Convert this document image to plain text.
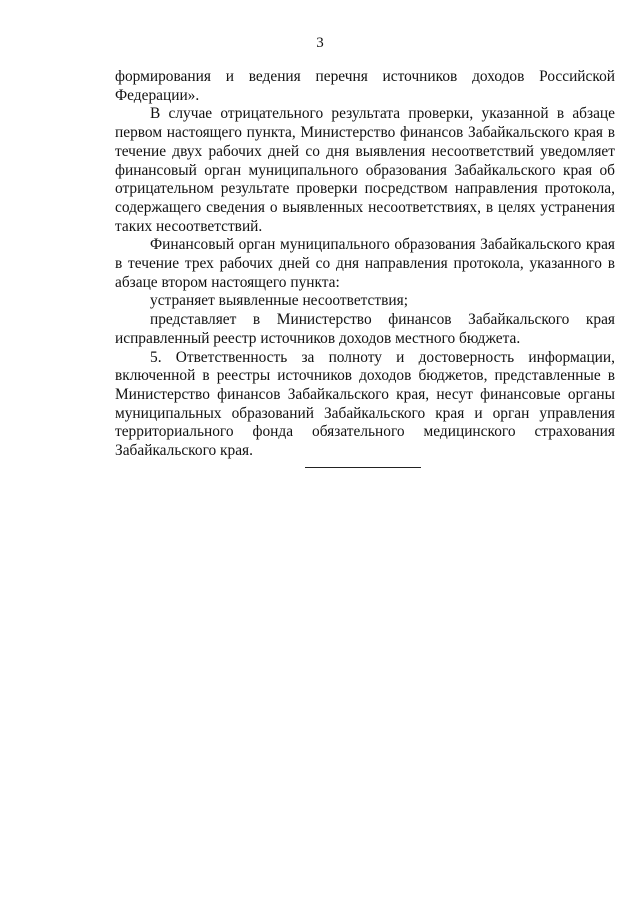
3

формирования и ведения перечня источников доходов Российской Федерации».

В случае отрицательного результата проверки, указанной в абзаце первом настоящего пункта, Министерство финансов Забайкальского края в течение двух рабочих дней со дня выявления несоответствий уведомляет финансовый орган муниципального образования Забайкальского края об отрицательном результате проверки посредством направления протокола, содержащего сведения о выявленных несоответствиях, в целях устранения таких несоответствий.

Финансовый орган муниципального образования Забайкальского края в течение трех рабочих дней со дня направления протокола, указанного в абзаце втором настоящего пункта:

устраняет выявленные несоответствия;

представляет в Министерство финансов Забайкальского края исправленный реестр источников доходов местного бюджета.

5. Ответственность за полноту и достоверность информации, включенной в реестры источников доходов бюджетов, представленные в Министерство финансов Забайкальского края, несут финансовые органы муниципальных образований Забайкальского края и орган управления территориального фонда обязательного медицинского страхования Забайкальского края.
